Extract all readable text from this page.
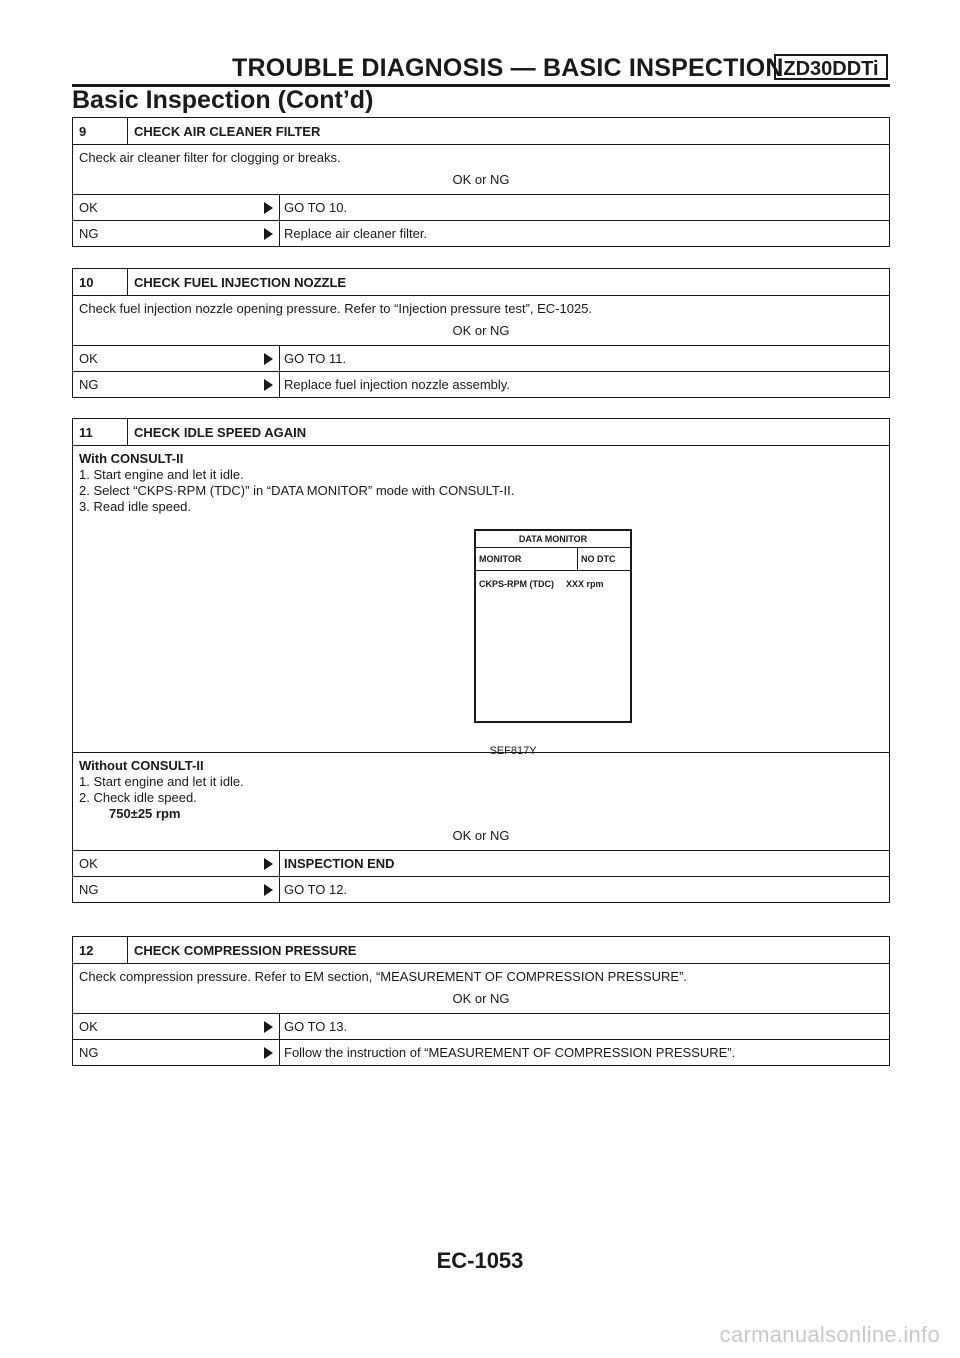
TROUBLE DIAGNOSIS — BASIC INSPECTION ZD30DDTi
Basic Inspection (Cont’d)
9	CHECK AIR CLEANER FILTER
Check air cleaner filter for clogging or breaks.
OK or NG
OK	GO TO 10.
NG	Replace air cleaner filter.
10	CHECK FUEL INJECTION NOZZLE
Check fuel injection nozzle opening pressure. Refer to “Injection pressure test”, EC-1025.
OK or NG
OK	GO TO 11.
NG	Replace fuel injection nozzle assembly.
11	CHECK IDLE SPEED AGAIN
With CONSULT-II
1. Start engine and let it idle.
2. Select “CKPS·RPM (TDC)” in “DATA MONITOR” mode with CONSULT-II.
3. Read idle speed.
DATA MONITOR
MONITOR	NO DTC
CKPS-RPM (TDC) XXX rpm
SEF817Y
Without CONSULT-II
1. Start engine and let it idle.
2. Check idle speed.
750±25 rpm
OK or NG
OK	INSPECTION END
NG	GO TO 12.
12	CHECK COMPRESSION PRESSURE
Check compression pressure. Refer to EM section, “MEASUREMENT OF COMPRESSION PRESSURE”.
OK or NG
OK	GO TO 13.
NG	Follow the instruction of “MEASUREMENT OF COMPRESSION PRESSURE”.
EC-1053
carmanualsonline.info
